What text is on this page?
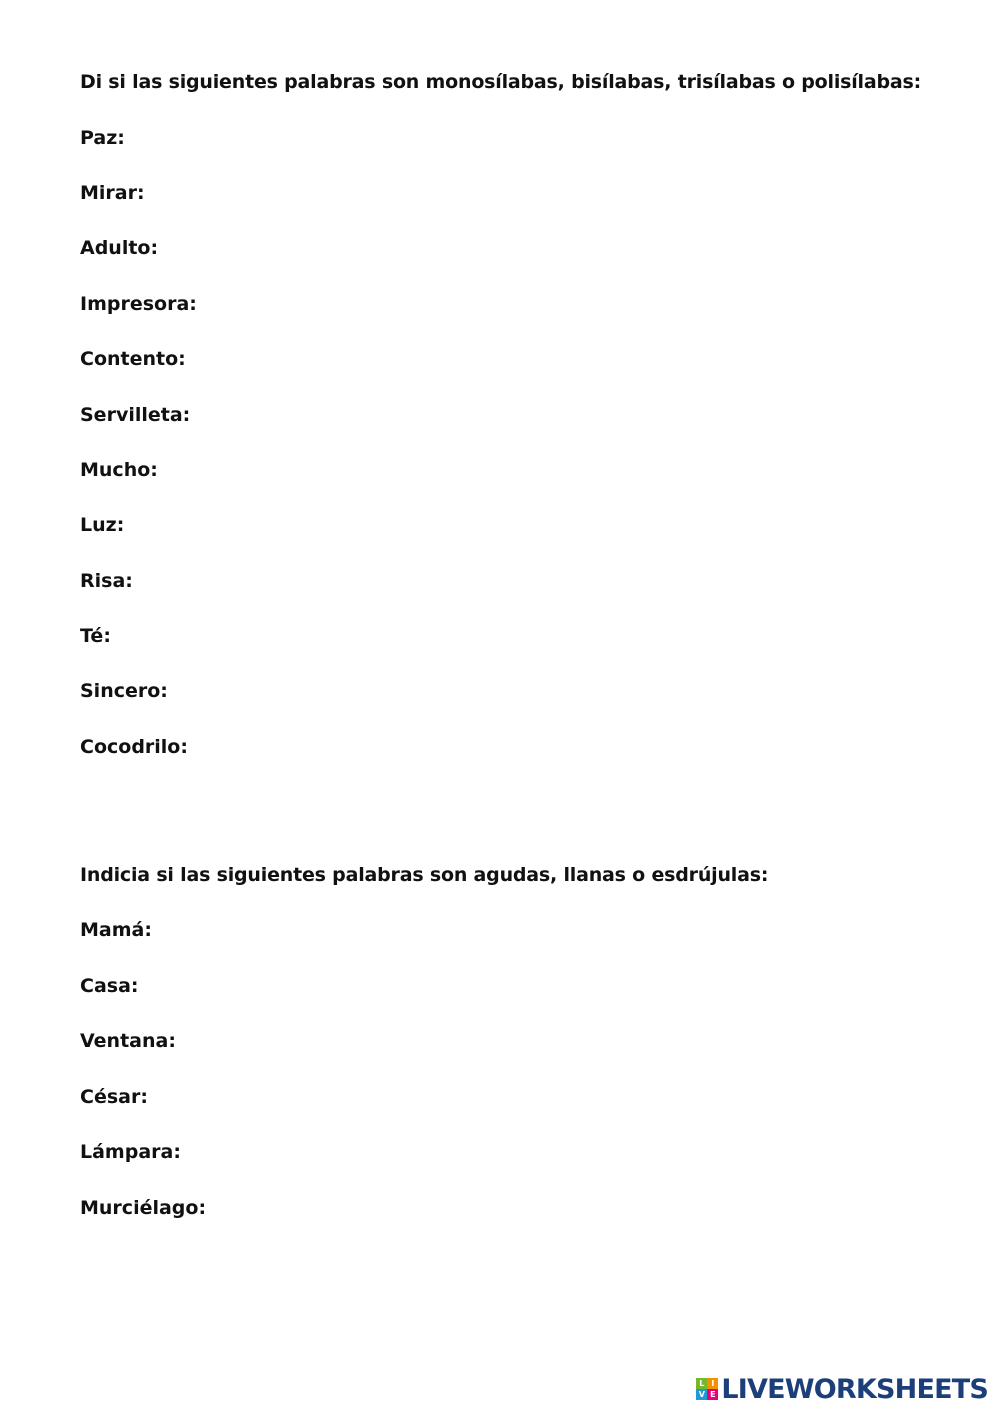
Di si las siguientes palabras son monosílabas, bisílabas, trisílabas o polisílabas:
Paz:
Mirar:
Adulto:
Impresora:
Contento:
Servilleta:
Mucho:
Luz:
Risa:
Té:
Sincero:
Cocodrilo:
Indicia si las siguientes palabras son agudas, llanas o esdrújulas:
Mamá:
Casa:
Ventana:
César:
Lámpara:
Murciélago:
L I
V E LIVEWORKSHEETS
